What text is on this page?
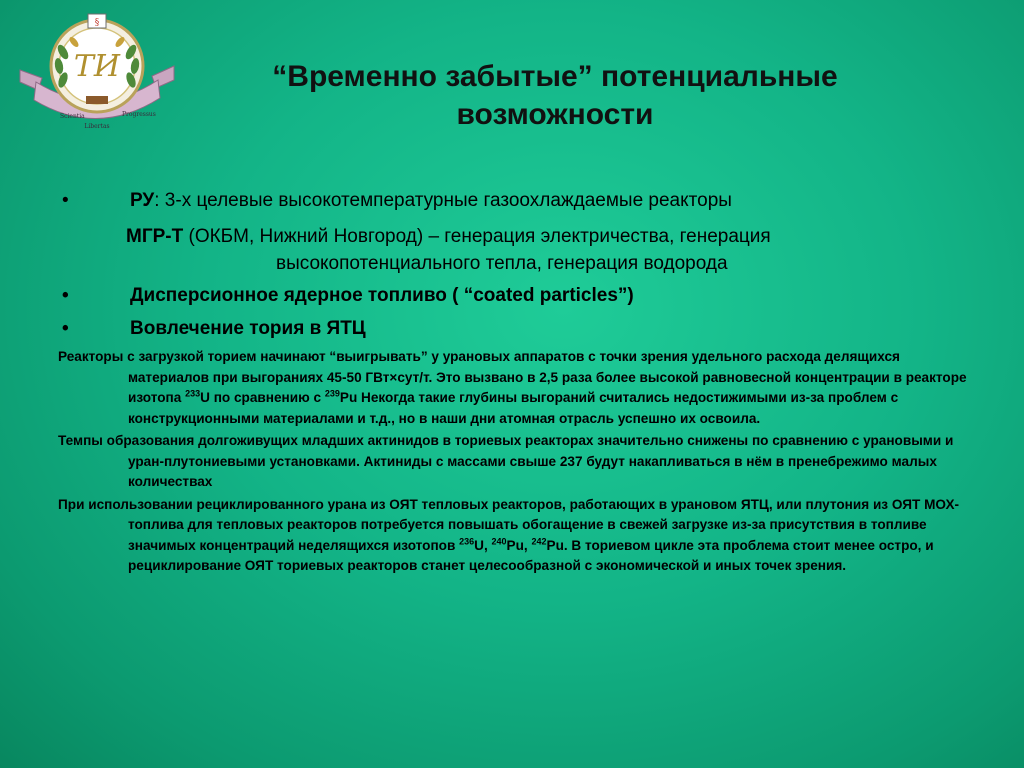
ТИ
§
Scientia
Libertas
Progressus
“Временно забытые” потенциальные возможности
•	РУ: 3-х целевые высокотемпературные газоохлаждаемые реакторы
МГР-Т (ОКБМ, Нижний Новгород) – генерация электричества, генерация
высокопотенциального тепла, генерация водорода
•	Дисперсионное ядерное топливо ( “coated particles”)
•	Вовлечение тория в ЯТЦ
Реакторы с загрузкой торием начинают “выигрывать” у урановых аппаратов с точки зрения удельного расхода делящихся материалов при выгораниях 45-50 ГВт×сут/т. Это вызвано в 2,5 раза более высокой равновесной концентрации в реакторе изотопа $^{233}$U по сравнению с $^{239}$Pu Некогда такие глубины выгораний считались недостижимыми из-за проблем с конструкционными материалами и т.д., но в наши дни атомная отрасль успешно их освоила.
Темпы образования долгоживущих младших актинидов в ториевых реакторах значительно снижены по сравнению с урановыми и уран-плутониевыми установками. Актиниды с массами свыше 237 будут накапливаться в нём в пренебрежимо малых количествах
При использовании рециклированного урана из ОЯТ тепловых реакторов, работающих в урановом ЯТЦ, или плутония из ОЯТ МОХ-топлива для тепловых реакторов потребуется повышать обогащение в свежей загрузке из-за присутствия в топливе значимых концентраций неделящихся изотопов $^{236}$U, $^{240}$Pu, $^{242}$Pu. В ториевом цикле эта проблема стоит менее остро, и рециклирование ОЯТ ториевых реакторов станет целесообразной с экономической и иных точек зрения.
